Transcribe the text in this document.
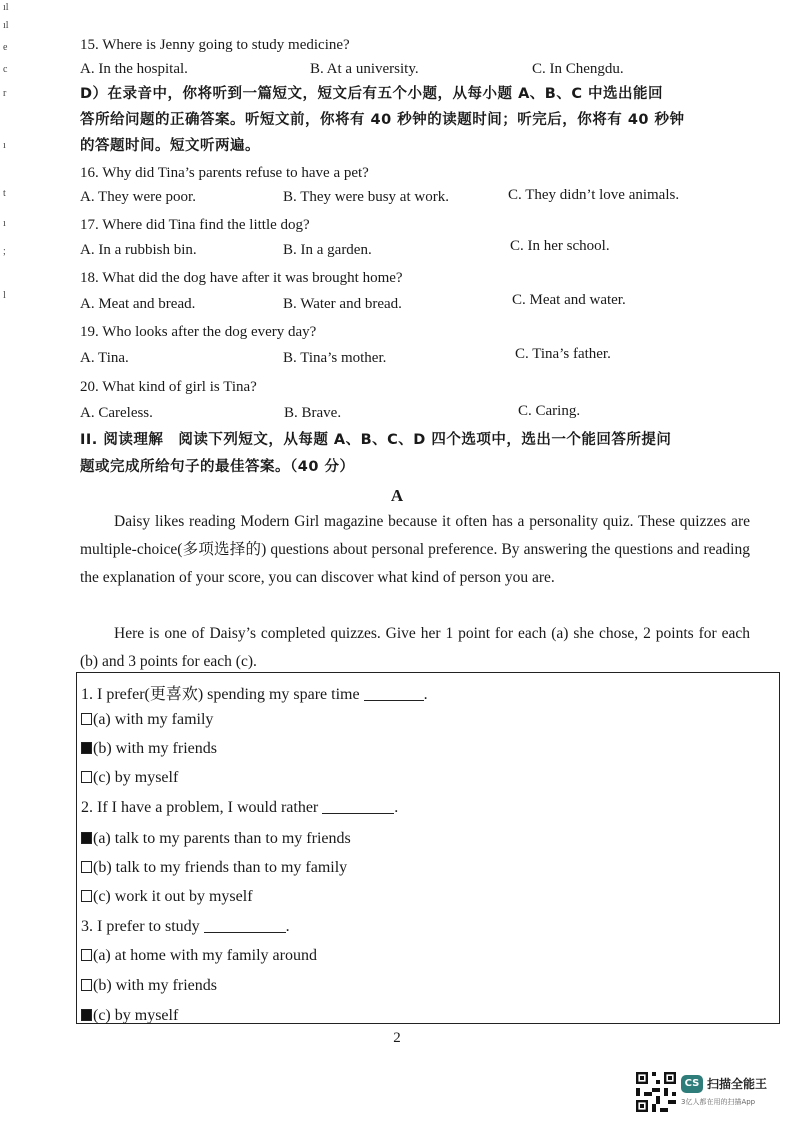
ıl
ıl
e
c
r
ı
t
ı
;
l
15. Where is Jenny going to study medicine?
A. In the hospital.	B. At a university.	C. In Chengdu.
D）在录音中，你将听到一篇短文，短文后有五个小题，从每小题 A、B、C 中选出能回
答所给问题的正确答案。听短文前，你将有 40 秒钟的读题时间；听完后，你将有 40 秒钟
的答题时间。短文听两遍。
16. Why did Tina’s parents refuse to have a pet?
A. They were poor.	B. They were busy at work.	C. They didn’t love animals.
17. Where did Tina find the little dog?
A. In a rubbish bin.	B. In a garden.	C. In her school.
18. What did the dog have after it was brought home?
A. Meat and bread.	B. Water and bread.	C. Meat and water.
19. Who looks after the dog every day?
A. Tina.	B. Tina’s mother.	C. Tina’s father.
20. What kind of girl is Tina?
A. Careless.	B. Brave.	C. Caring.
II. 阅读理解　阅读下列短文，从每题 A、B、C、D 四个选项中，选出一个能回答所提问
题或完成所给句子的最佳答案。（40 分）
A
Daisy likes reading Modern Girl magazine because it often has a personality quiz. These quizzes are multiple-choice(多项选择的) questions about personal preference. By answering the questions and reading the explanation of your score, you can discover what kind of person you are.
Here is one of Daisy’s completed quizzes. Give her 1 point for each (a) she chose, 2 points for each (b) and 3 points for each (c).
1. I prefer(更喜欢) spending my spare time	.
(a) with my family
(b) with my friends
(c) by myself
2. If I have a problem, I would rather	.
(a) talk to my parents than to my friends
(b) talk to my friends than to my family
(c) work it out by myself
3. I prefer to study	.
(a) at home with my family around
(b) with my friends
(c) by myself
2
CS 扫描全能王
3亿人都在用的扫描App
